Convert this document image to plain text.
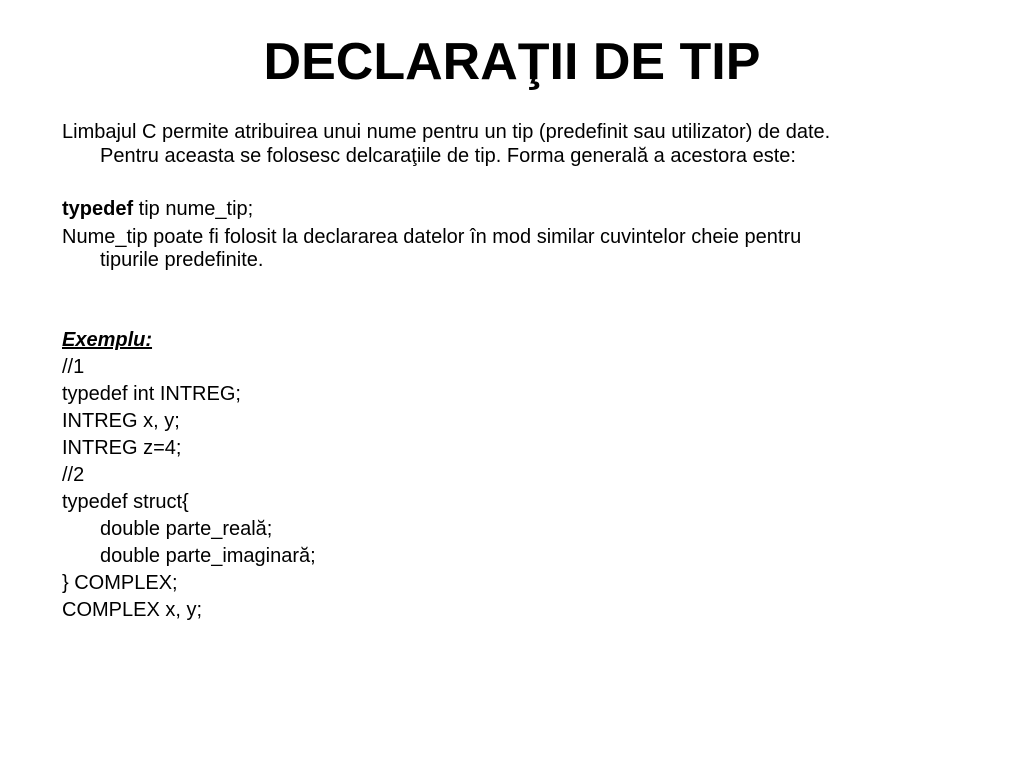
DECLARAŢII DE TIP

Limbajul C permite atribuirea unui nume pentru un tip (predefinit sau utilizator) de date.

Pentru aceasta se folosesc delcaraţiile de tip. Forma generală a acestora este:

typedef tip nume_tip;

Nume_tip poate fi folosit la declararea datelor în mod similar cuvintelor cheie pentru

tipurile predefinite.

Exemplu:

//1

typedef int INTREG;

INTREG x, y;

INTREG z=4;

//2

typedef struct{

double parte_reală;

double parte_imaginară;

} COMPLEX;

COMPLEX x, y;
